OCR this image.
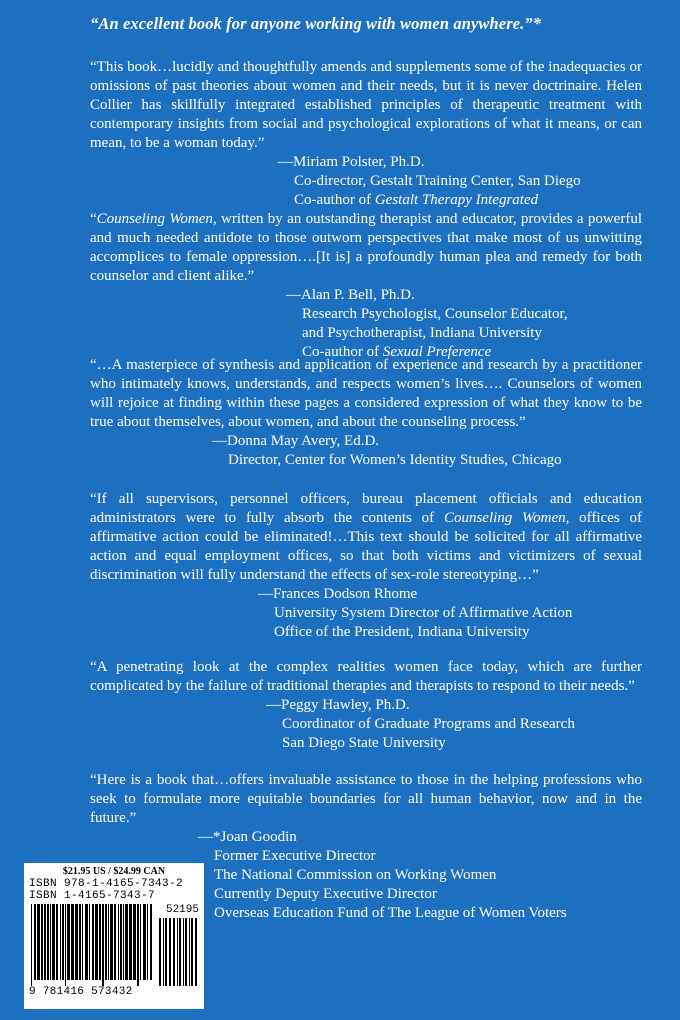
“An excellent book for anyone working with women anywhere.”*

“This book…lucidly and thoughtfully amends and supplements some of the inadequacies or omissions of past theories about women and their needs, but it is never doctrinaire. Helen Collier has skillfully integrated established principles of therapeutic treatment with contemporary insights from social and psychological explorations of what it means, or can mean, to be a woman today.”

—Miriam Polster, Ph.D.
Co-director, Gestalt Training Center, San Diego
Co-author of Gestalt Therapy Integrated

“Counseling Women, written by an outstanding therapist and educator, provides a powerful and much needed antidote to those outworn perspectives that make most of us unwitting accomplices to female oppression….[It is] a profoundly human plea and remedy for both counselor and client alike.”

—Alan P. Bell, Ph.D.
Research Psychologist, Counselor Educator,
and Psychotherapist, Indiana University
Co-author of Sexual Preference

“…A masterpiece of synthesis and application of experience and research by a practitioner who intimately knows, understands, and respects women’s lives…. Counselors of women will rejoice at finding within these pages a considered expression of what they know to be true about themselves, about women, and about the counseling process.”

—Donna May Avery, Ed.D.
Director, Center for Women’s Identity Studies, Chicago

“If all supervisors, personnel officers, bureau placement officials and education administrators were to fully absorb the contents of Counseling Women, offices of affirmative action could be eliminated!…This text should be solicited for all affirmative action and equal employment offices, so that both victims and victimizers of sexual discrimination will fully understand the effects of sex-role stereotyping…”

—Frances Dodson Rhome
University System Director of Affirmative Action
Office of the President, Indiana University

“A penetrating look at the complex realities women face today, which are further complicated by the failure of traditional therapies and therapists to respond to their needs.”

—Peggy Hawley, Ph.D.
Coordinator of Graduate Programs and Research
San Diego State University

“Here is a book that…offers invaluable assistance to those in the helping professions who seek to formulate more equitable boundaries for all human behavior, now and in the future.”

—*Joan Goodin
Former Executive Director
The National Commission on Working Women
Currently Deputy Executive Director
Overseas Education Fund of The League of Women Voters
$21.95 US / $24.99 CAN
ISBN 978-1-4165-7343-2
ISBN 1-4165-7343-7
52195
9 781416 573432
